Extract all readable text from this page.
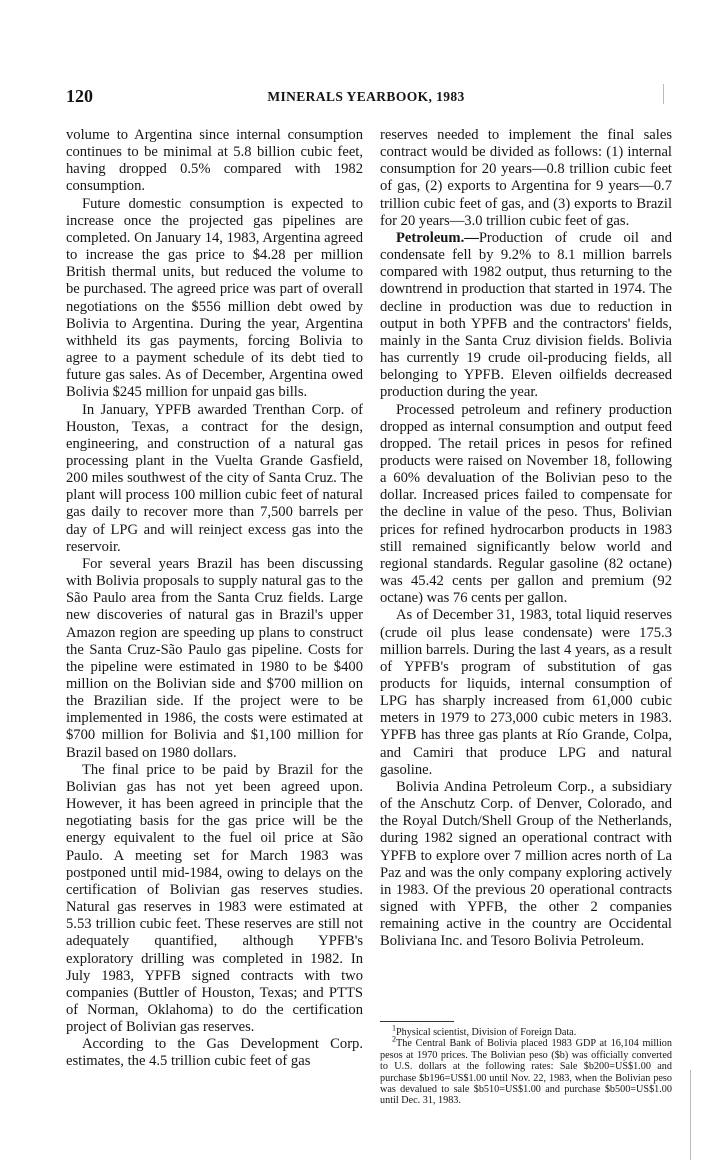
120	MINERALS YEARBOOK, 1983

volume to Argentina since internal consumption continues to be minimal at 5.8 billion cubic feet, having dropped 0.5% compared with 1982 consumption.

Future domestic consumption is expected to increase once the projected gas pipelines are completed. On January 14, 1983, Argentina agreed to increase the gas price to $4.28 per million British thermal units, but reduced the volume to be purchased. The agreed price was part of overall negotiations on the $556 million debt owed by Bolivia to Argentina. During the year, Argentina withheld its gas payments, forcing Bolivia to agree to a payment schedule of its debt tied to future gas sales. As of December, Argentina owed Bolivia $245 million for unpaid gas bills.

In January, YPFB awarded Trenthan Corp. of Houston, Texas, a contract for the design, engineering, and construction of a natural gas processing plant in the Vuelta Grande Gasfield, 200 miles southwest of the city of Santa Cruz. The plant will process 100 million cubic feet of natural gas daily to recover more than 7,500 barrels per day of LPG and will reinject excess gas into the reservoir.

For several years Brazil has been discussing with Bolivia proposals to supply natural gas to the São Paulo area from the Santa Cruz fields. Large new discoveries of natural gas in Brazil's upper Amazon region are speeding up plans to construct the Santa Cruz-São Paulo gas pipeline. Costs for the pipeline were estimated in 1980 to be $400 million on the Bolivian side and $700 million on the Brazilian side. If the project were to be implemented in 1986, the costs were estimated at $700 million for Bolivia and $1,100 million for Brazil based on 1980 dollars.

The final price to be paid by Brazil for the Bolivian gas has not yet been agreed upon. However, it has been agreed in principle that the negotiating basis for the gas price will be the energy equivalent to the fuel oil price at São Paulo. A meeting set for March 1983 was postponed until mid-1984, owing to delays on the certification of Bolivian gas reserves studies. Natural gas reserves in 1983 were estimated at 5.53 trillion cubic feet. These reserves are still not adequately quantified, although YPFB's exploratory drilling was completed in 1982. In July 1983, YPFB signed contracts with two companies (Buttler of Houston, Texas; and PTTS of Norman, Oklahoma) to do the certification project of Bolivian gas reserves.

According to the Gas Development Corp. estimates, the 4.5 trillion cubic feet of gas

reserves needed to implement the final sales contract would be divided as follows: (1) internal consumption for 20 years—0.8 trillion cubic feet of gas, (2) exports to Argentina for 9 years—0.7 trillion cubic feet of gas, and (3) exports to Brazil for 20 years—3.0 trillion cubic feet of gas.

Petroleum.—Production of crude oil and condensate fell by 9.2% to 8.1 million barrels compared with 1982 output, thus returning to the downtrend in production that started in 1974. The decline in production was due to reduction in output in both YPFB and the contractors' fields, mainly in the Santa Cruz division fields. Bolivia has currently 19 crude oil-producing fields, all belonging to YPFB. Eleven oilfields decreased production during the year.

Processed petroleum and refinery production dropped as internal consumption and output feed dropped. The retail prices in pesos for refined products were raised on November 18, following a 60% devaluation of the Bolivian peso to the dollar. Increased prices failed to compensate for the decline in value of the peso. Thus, Bolivian prices for refined hydrocarbon products in 1983 still remained significantly below world and regional standards. Regular gasoline (82 octane) was 45.42 cents per gallon and premium (92 octane) was 76 cents per gallon.

As of December 31, 1983, total liquid reserves (crude oil plus lease condensate) were 175.3 million barrels. During the last 4 years, as a result of YPFB's program of substitution of gas products for liquids, internal consumption of LPG has sharply increased from 61,000 cubic meters in 1979 to 273,000 cubic meters in 1983. YPFB has three gas plants at Río Grande, Colpa, and Camiri that produce LPG and natural gasoline.

Bolivia Andina Petroleum Corp., a subsidiary of the Anschutz Corp. of Denver, Colorado, and the Royal Dutch/Shell Group of the Netherlands, during 1982 signed an operational contract with YPFB to explore over 7 million acres north of La Paz and was the only company exploring actively in 1983. Of the previous 20 operational contracts signed with YPFB, the other 2 companies remaining active in the country are Occidental Boliviana Inc. and Tesoro Bolivia Petroleum.

$^1$Physical scientist, Division of Foreign Data.

$^2$The Central Bank of Bolivia placed 1983 GDP at 16,104 million pesos at 1970 prices. The Bolivian peso ($b) was officially converted to U.S. dollars at the following rates: Sale $b200=US$1.00 and purchase $b196=US$1.00 until Nov. 22, 1983, when the Bolivian peso was devalued to sale $b510=US$1.00 and purchase $b500=US$1.00 until Dec. 31, 1983.
